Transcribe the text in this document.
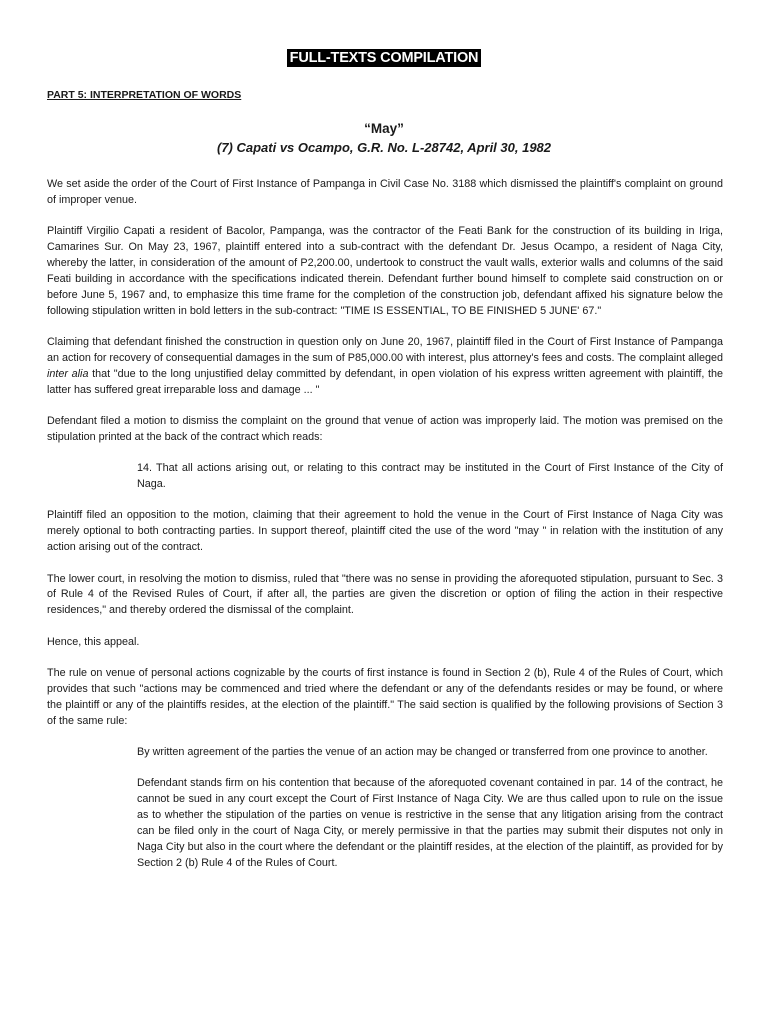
FULL-TEXTS COMPILATION
PART 5: INTERPRETATION OF WORDS
“May”
(7) Capati vs Ocampo, G.R. No. L-28742, April 30, 1982

We set aside the order of the Court of First Instance of Pampanga in Civil Case No. 3188 which dismissed the plaintiff's complaint on ground of improper venue.

Plaintiff Virgilio Capati a resident of Bacolor, Pampanga, was the contractor of the Feati Bank for the construction of its building in Iriga, Camarines Sur. On May 23, 1967, plaintiff entered into a sub-contract with the defendant Dr. Jesus Ocampo, a resident of Naga City, whereby the latter, in consideration of the amount of P2,200.00, undertook to construct the vault walls, exterior walls and columns of the said Feati building in accordance with the specifications indicated therein. Defendant further bound himself to complete said construction on or before June 5, 1967 and, to emphasize this time frame for the completion of the construction job, defendant affixed his signature below the following stipulation written in bold letters in the sub-contract: "TIME IS ESSENTIAL, TO BE FINISHED 5 JUNE' 67."

Claiming that defendant finished the construction in question only on June 20, 1967, plaintiff filed in the Court of First Instance of Pampanga an action for recovery of consequential damages in the sum of P85,000.00 with interest, plus attorney's fees and costs. The complaint alleged inter alia that "due to the long unjustified delay committed by defendant, in open violation of his express written agreement with plaintiff, the latter has suffered great irreparable loss and damage ... "

Defendant filed a motion to dismiss the complaint on the ground that venue of action was improperly laid. The motion was premised on the stipulation printed at the back of the contract which reads:

14. That all actions arising out, or relating to this contract may be instituted in the Court of First Instance of the City of Naga.

Plaintiff filed an opposition to the motion, claiming that their agreement to hold the venue in the Court of First Instance of Naga City was merely optional to both contracting parties. In support thereof, plaintiff cited the use of the word "may " in relation with the institution of any action arising out of the contract.

The lower court, in resolving the motion to dismiss, ruled that "there was no sense in providing the aforequoted stipulation, pursuant to Sec. 3 of Rule 4 of the Revised Rules of Court, if after all, the parties are given the discretion or option of filing the action in their respective residences," and thereby ordered the dismissal of the complaint.

Hence, this appeal.

The rule on venue of personal actions cognizable by the courts of first instance is found in Section 2 (b), Rule 4 of the Rules of Court, which provides that such "actions may be commenced and tried where the defendant or any of the defendants resides or may be found, or where the plaintiff or any of the plaintiffs resides, at the election of the plaintiff." The said section is qualified by the following provisions of Section 3 of the same rule:

By written agreement of the parties the venue of an action may be changed or transferred from one province to another.

Defendant stands firm on his contention that because of the aforequoted covenant contained in par. 14 of the contract, he cannot be sued in any court except the Court of First Instance of Naga City. We are thus called upon to rule on the issue as to whether the stipulation of the parties on venue is restrictive in the sense that any litigation arising from the contract can be filed only in the court of Naga City, or merely permissive in that the parties may submit their disputes not only in Naga City but also in the court where the defendant or the plaintiff resides, at the election of the plaintiff, as provided for by Section 2 (b) Rule 4 of the Rules of Court.
